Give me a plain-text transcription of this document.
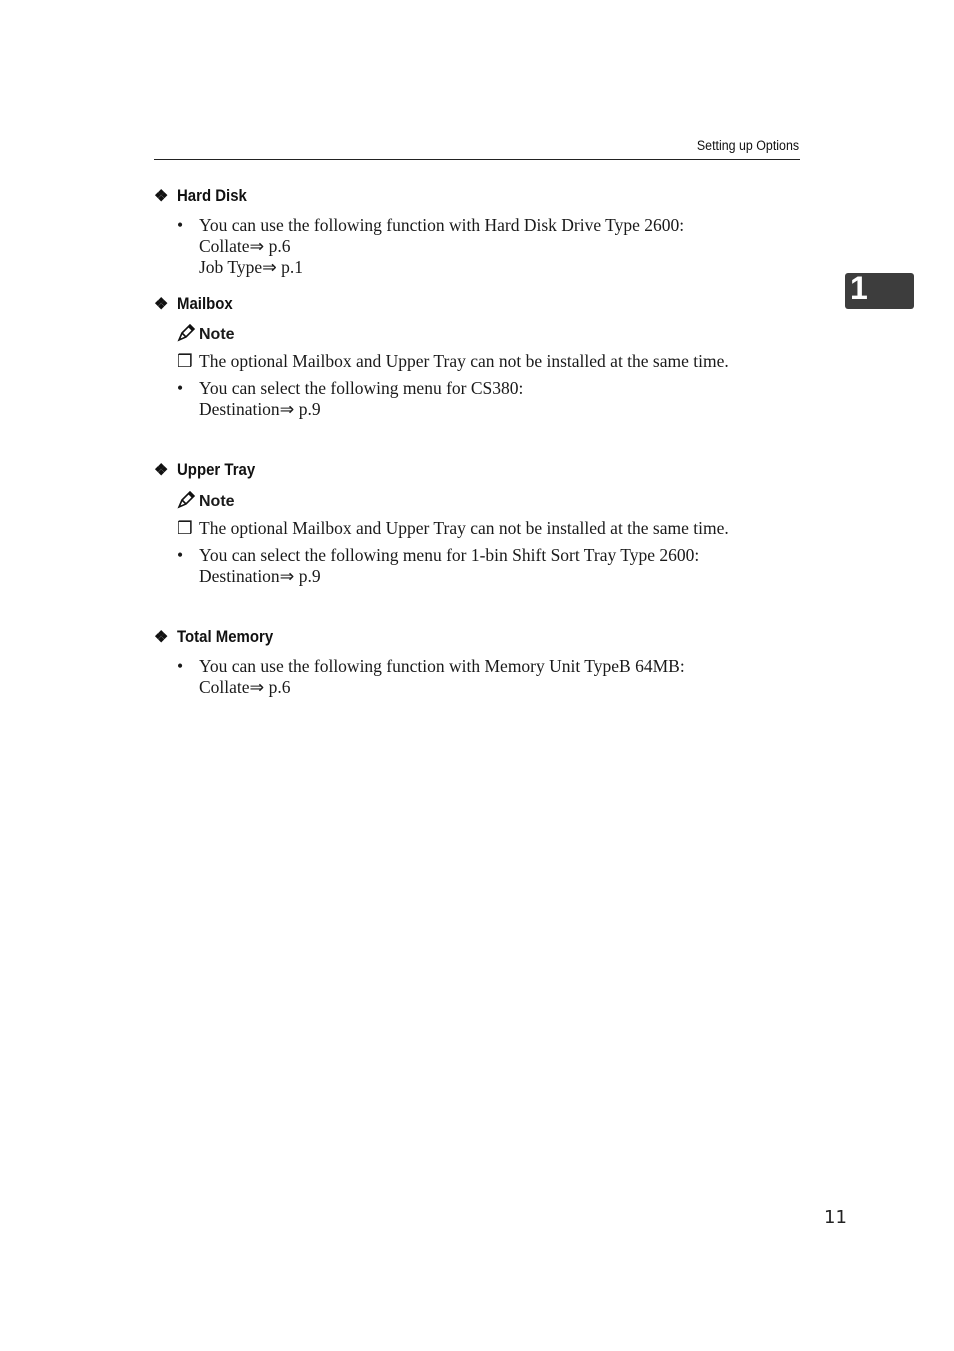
Setting up Options
1
❖ Hard Disk
• You can use the following function with Hard Disk Drive Type 2600:
Collate⇒ p.6
Job Type⇒ p.1
❖ Mailbox
Note
❒ The optional Mailbox and Upper Tray can not be installed at the same time.
• You can select the following menu for CS380:
Destination⇒ p.9
❖ Upper Tray
Note
❒ The optional Mailbox and Upper Tray can not be installed at the same time.
• You can select the following menu for 1-bin Shift Sort Tray Type 2600:
Destination⇒ p.9
❖ Total Memory
• You can use the following function with Memory Unit TypeB 64MB:
Collate⇒ p.6
11
